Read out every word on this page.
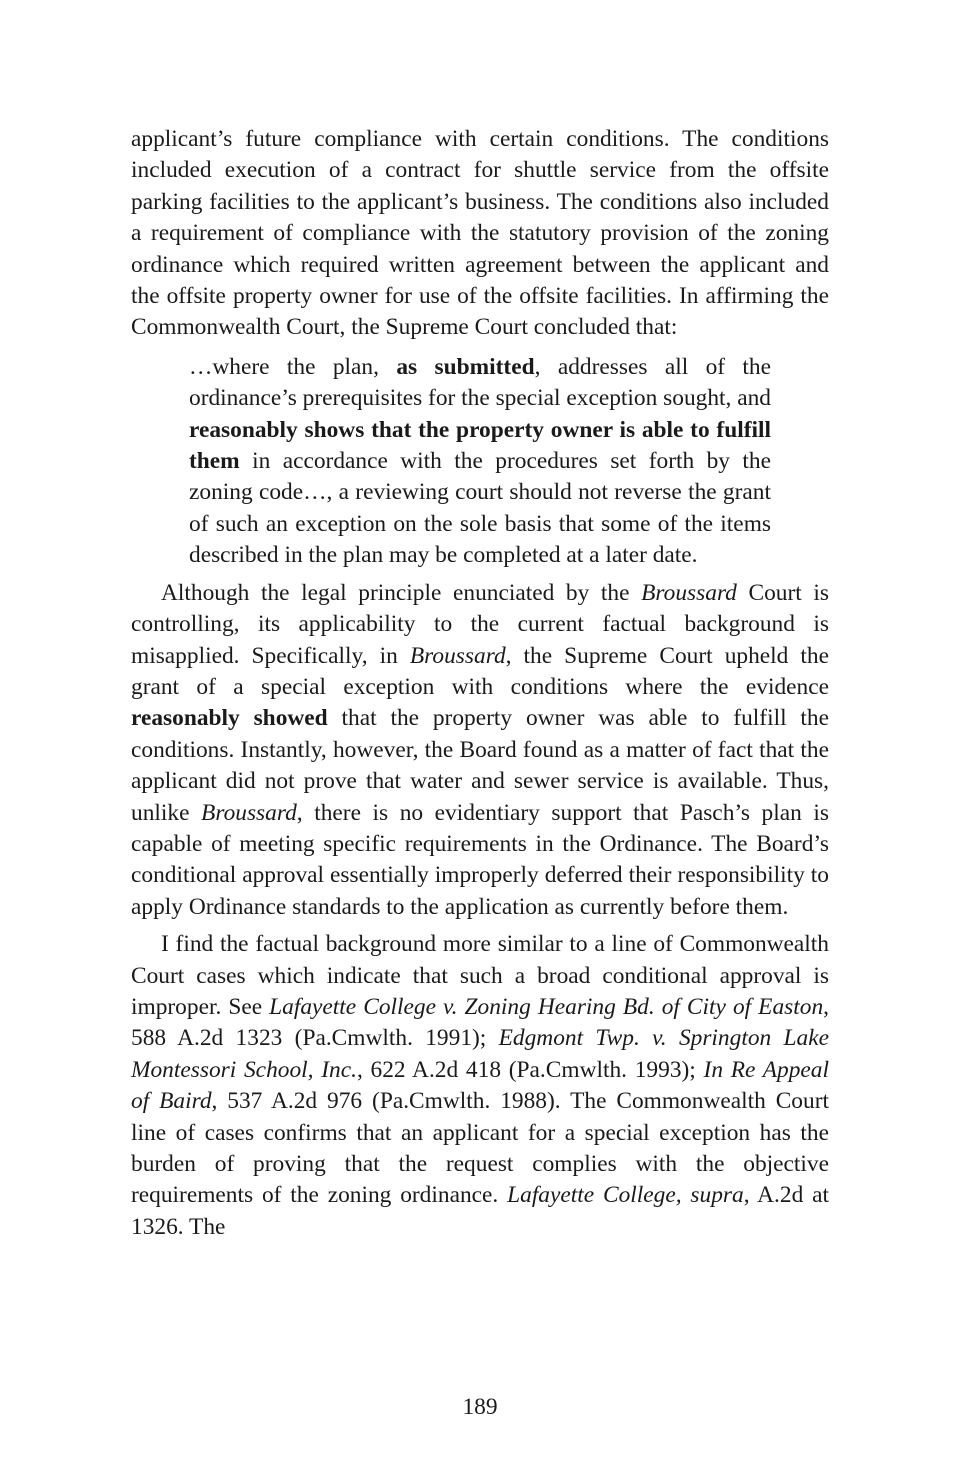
applicant’s future compliance with certain conditions. The conditions included execution of a contract for shuttle service from the offsite parking facilities to the applicant’s business. The conditions also included a requirement of compliance with the statutory provision of the zoning ordinance which required written agreement between the applicant and the offsite property owner for use of the offsite facilities. In affirming the Commonwealth Court, the Supreme Court concluded that:

…where the plan, as submitted, addresses all of the ordinance’s prerequisites for the special exception sought, and reasonably shows that the property owner is able to fulfill them in accordance with the procedures set forth by the zoning code…, a reviewing court should not reverse the grant of such an exception on the sole basis that some of the items described in the plan may be completed at a later date.

Although the legal principle enunciated by the Broussard Court is controlling, its applicability to the current factual background is misapplied. Specifically, in Broussard, the Supreme Court upheld the grant of a special exception with conditions where the evidence reasonably showed that the property owner was able to fulfill the conditions. Instantly, however, the Board found as a matter of fact that the applicant did not prove that water and sewer service is available. Thus, unlike Broussard, there is no evidentiary support that Pasch’s plan is capable of meeting specific requirements in the Ordinance. The Board’s conditional approval essentially improperly deferred their responsibility to apply Ordinance standards to the application as currently before them.

I find the factual background more similar to a line of Commonwealth Court cases which indicate that such a broad conditional approval is improper. See Lafayette College v. Zoning Hearing Bd. of City of Easton, 588 A.2d 1323 (Pa.Cmwlth. 1991); Edgmont Twp. v. Springton Lake Montessori School, Inc., 622 A.2d 418 (Pa.Cmwlth. 1993); In Re Appeal of Baird, 537 A.2d 976 (Pa.Cmwlth. 1988). The Commonwealth Court line of cases confirms that an applicant for a special exception has the burden of proving that the request complies with the objective requirements of the zoning ordinance. Lafayette College, supra, A.2d at 1326. The

189
